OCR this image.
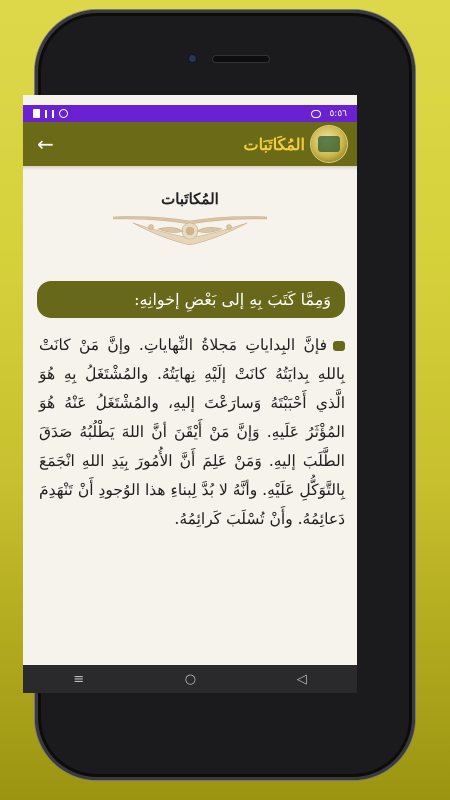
٥:٥٦
←	المُكَاتَبَات
المُكاتَبات
وَمِمَّا كَتَبَ بِهِ إلى بَعْضِ إخوانِهِ:
فإنَّ البِداياتِ مَجلاةُ النِّهاياتِ. وإنَّ مَنْ كانَتْ بِاللهِ بِدايَتُهُ كانَتْ إلَيْهِ نِهايَتُهُ. والمُشْتَغَلُ بِهِ هُوَ الَّذي أَحْبَبْتَهُ وَسارَعْتَ إليهِ، والمُشْتَغَلُ عَنْهُ هُوَ المُؤْثَرُ عَلَيهِ. وَإنَّ مَنْ أَيْقَنَ أنَّ اللهَ يَطْلُبُهُ صَدَقَ الطَّلَبَ إليهِ. وَمَنْ عَلِمَ أَنَّ الأُمُورَ بِيَدِ اللهِ انْجَمَعَ بِالتَّوَكُّلِ عَلَيْهِ. وأنَّهُ لا بُدَّ لِبناءِ هذا الوُجودِ أَنْ تَنْهَدِمَ دَعائِمُهُ. وأَنْ تُسْلَبَ كَرائِمُهُ.
≡	○	◁
